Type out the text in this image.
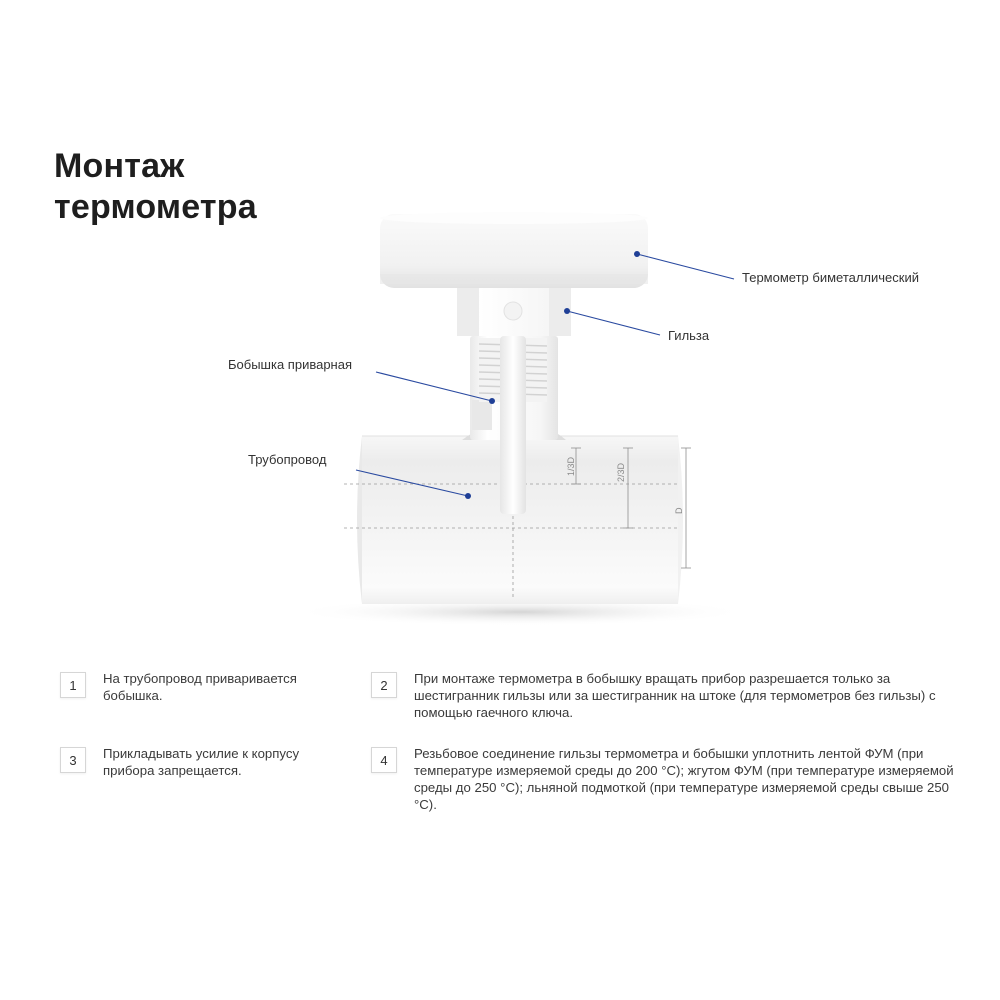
Монтаж
термометра
1/3D	2/3D
D
Термометр биметаллический
Гильза
Бобышка приварная
Трубопровод
1	На трубопровод приваривается бобышка.
2	При монтаже термометра в бобышку вращать прибор разрешается только за шестигранник гильзы или за шестигранник на штоке (для термометров без гильзы) с помощью гаечного ключа.
3	Прикладывать усилие к корпусу прибора запрещается.
4	Резьбовое соединение гильзы термометра и бобышки уплотнить лентой ФУМ (при температуре измеряемой среды до 200 °С); жгутом ФУМ (при температуре измеряемой среды до 250 °С); льняной подмоткой (при температуре измеряемой среды свыше 250 °С).
